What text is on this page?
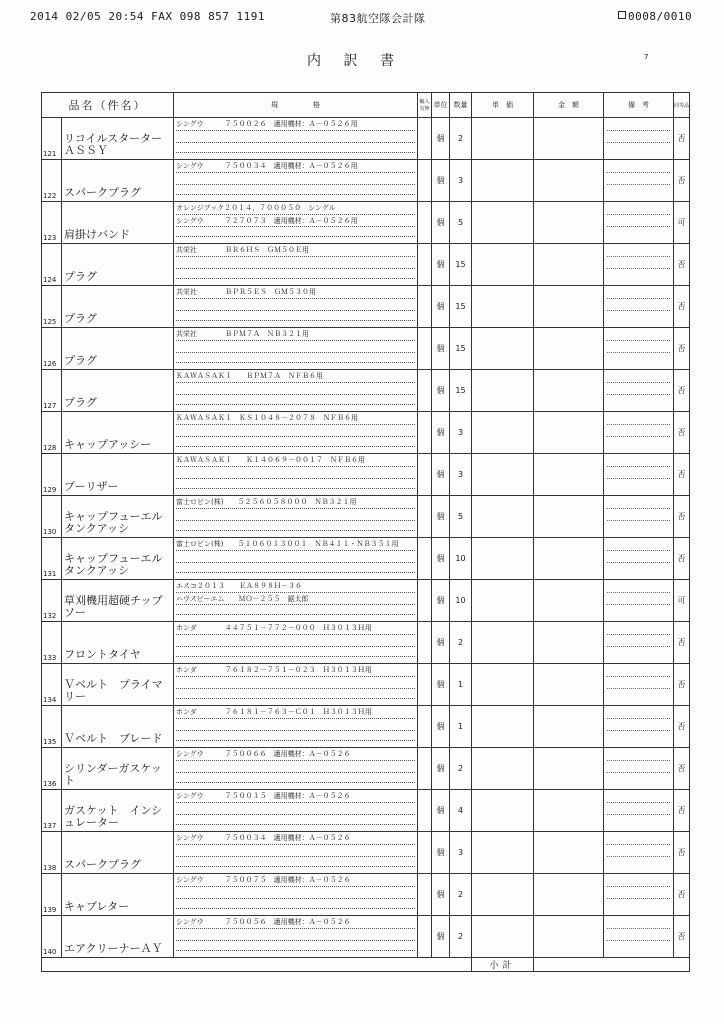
2014 02/05 20:54 FAX 098 857 1191	第83航空隊会計隊	0008/0010
内 訳 書	7
品名（件名）		規　　　　　格	輸入 有無	単位	数量	単　価	金　額	備　考	同等品

121	リコイルスターターＡＳＳＹ	シングウ　　　７５００２６　適用機材：Ａ－０５２６用		個	2				否

122	スパークプラグ	シングウ　　　７５００３４　適用機材：Ａ－０５２６用		個	3				否

123	肩掛けバンド	オレンジブック２０１４，７０００５０　シングル
シングウ　　　７２７０７３　適用機材：Ａ－０５２６用		個	5				可

124	プラグ	共栄社　　　　ＢＲ６ＨＳ　ＧＭ５０Ｅ用		個	15				否

125	プラグ	共栄社　　　　ＢＰＲ５ＥＳ　ＧＭ５３０用		個	15				否

126	プラグ	共栄社　　　　ＢＰＭ７Ａ　ＮＢ３２１用		個	15				否

127	プラグ	ＫＡＷＡＳＡＫＩ　　ＢＰＭ７Ａ　ＮＦＢ６用		個	15				否

128	キャップアッシー	ＫＡＷＡＳＡＫＩ　ＫＳ１０４８－２０７８　ＮＦＢ６用		個	3				否

129	プーリザー	ＫＡＷＡＳＡＫＩ　　Ｋ１４０６９－００１７　ＮＦＢ６用		個	3				否

130	キャップフューエルタンクアッシ	富士ロビン(株)　　５２５６０５８０００　ＮＢ３２１用		個	5				否

131	キャップフューエルタンクアッシ	富士ロビン(株)　　５１０６０１３００１　ＮＢ４１１・ＮＢ３５１用		個	10				否

132	草刈機用超硬チップソー	エスコ２０１３　　ＥＡ８９８Ｈ－３６
ハウスビーエム　　ＭＯ－２５５　鋸太郎		個	10				可

133	フロントタイヤ	ホンダ　　　　４４７５１－７７２－０００　Ｈ３０１３Ｈ用		個	2				否

134	Ｖベルト　プライマリー	ホンダ　　　　７６１８２－７５１－０２３　Ｈ３０１３Ｈ用		個	1				否

135	Ｖベルト　ブレード	ホンダ　　　　７６１８１－７６３－Ｃ０１　Ｈ３０１３Ｈ用		個	1				否

136	シリンダーガスケット	シングウ　　　７５００６６　適用機材：Ａ－０５２６		個	2				否

137	ガスケット　インシュレーター	シングウ　　　７５００１５　適用機材：Ａ－０５２６		個	4				否

138	スパークプラグ	シングウ　　　７５００３４　適用機材：Ａ－０５２６		個	3				否

139	キャブレター	シングウ　　　７５００７５　適用機材：Ａ－０５２６		個	2				否

140	エアクリーナーＡＹ	シングウ　　　７５００５６　適用機材：Ａ－０５２６		個	2				否
						小計			
